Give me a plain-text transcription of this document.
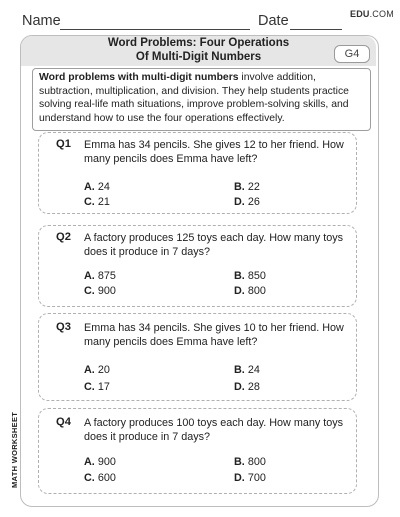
Name	Date	EDU.COM
Word Problems: Four Operations
Of Multi-Digit Numbers	G4
Word problems with multi-digit numbers involve addition, subtraction, multiplication, and division. They help students practice solving real-life math situations, improve problem-solving skills, and understand how to use the four operations effectively.
Q1 Emma has 34 pencils. She gives 12 to her friend. How many pencils does Emma have left?
A. 24	B. 22
C. 21	D. 26
Q2 A factory produces 125 toys each day. How many toys does it produce in 7 days?
A. 875	B. 850
C. 900	D. 800
Q3 Emma has 34 pencils. She gives 10 to her friend. How many pencils does Emma have left?
A. 20	B. 24
C. 17	D. 28
Q4 A factory produces 100 toys each day. How many toys does it produce in 7 days?
A. 900	B. 800
C. 600	D. 700
MATH WORKSHEET
